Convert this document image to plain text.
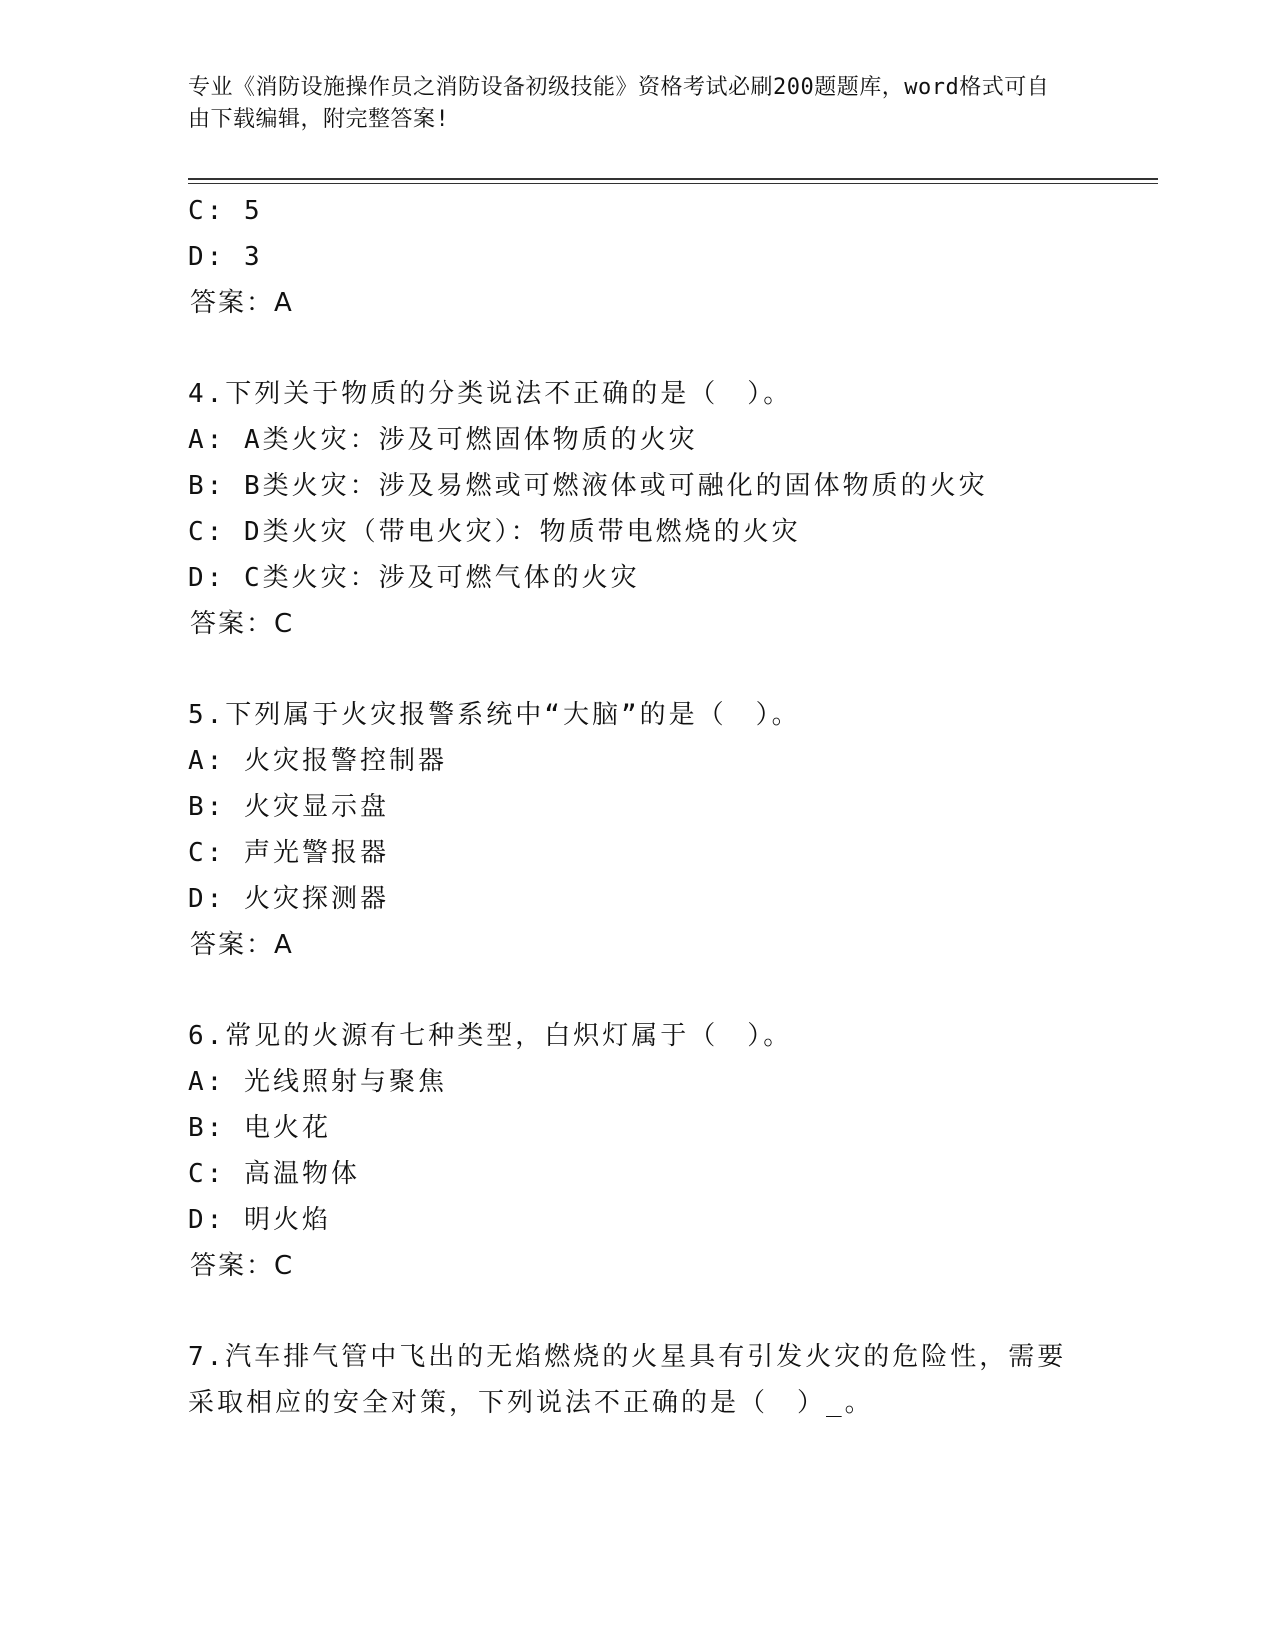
专业《消防设施操作员之消防设备初级技能》资格考试必刷200题题库，word格式可自由下载编辑，附完整答案!

C: 5

D: 3

答案：A

4.下列关于物质的分类说法不正确的是（　）。

A: A类火灾：涉及可燃固体物质的火灾

B: B类火灾：涉及易燃或可燃液体或可融化的固体物质的火灾

C: D类火灾（带电火灾）：物质带电燃烧的火灾

D: C类火灾：涉及可燃气体的火灾

答案：C

5.下列属于火灾报警系统中“大脑”的是（　）。

A: 火灾报警控制器

B: 火灾显示盘

C: 声光警报器

D: 火灾探测器

答案：A

6.常见的火源有七种类型，白炽灯属于（　）。

A: 光线照射与聚焦

B: 电火花

C: 高温物体

D: 明火焰

答案：C

7.汽车排气管中飞出的无焰燃烧的火星具有引发火灾的危险性，需要

采取相应的安全对策，下列说法不正确的是（　）_。
